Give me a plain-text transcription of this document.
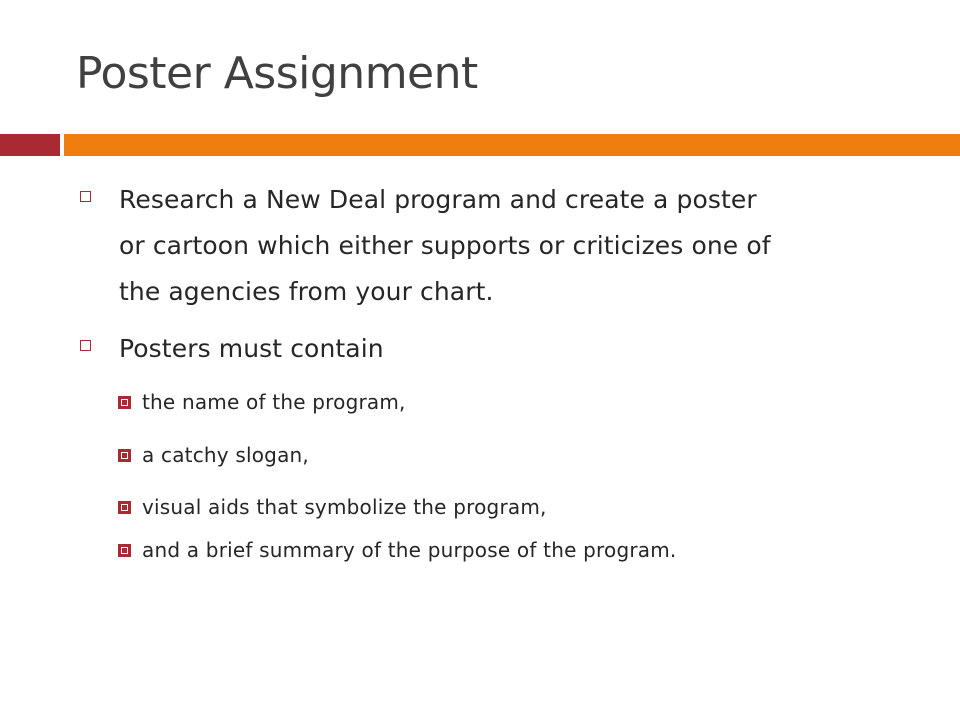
Poster Assignment
Research a New Deal program and create a poster
or cartoon which either supports or criticizes one of
the agencies from your chart.
Posters must contain
the name of the program,
a catchy slogan,
visual aids that symbolize the program,
and a brief summary of the purpose of the program.
